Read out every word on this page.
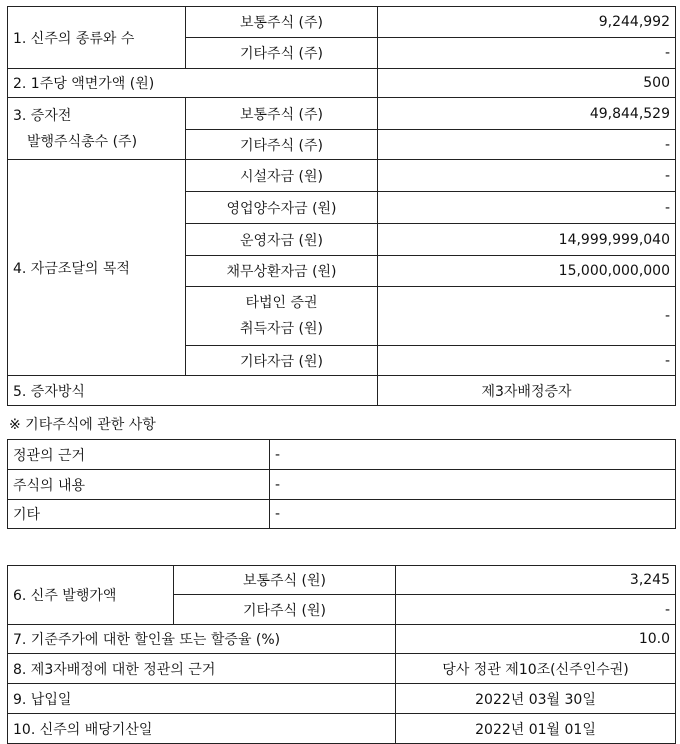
1. 신주의 종류와 수	보통주식 (주)	9,244,992
	기타주식 (주)	-
2. 1주당 액면가액 (원)		500

3. 증자전
발행주식총수 (주)	보통주식 (주)	49,844,529
	기타주식 (주)	-
4. 자금조달의 목적	시설자금 (원)	-
	영업양수자금 (원)	-
	운영자금 (원)	14,999,999,040
	채무상환자금 (원)	15,000,000,000

	타법인 증권
취득자금 (원)	-
	기타자금 (원)	-
5. 증자방식		제3자배정증자
※ 기타주식에 관한 사항
정관의 근거	-
주식의 내용	-
기타	-
6. 신주 발행가액	보통주식 (원)	3,245
	기타주식 (원)	-
7. 기준주가에 대한 할인율 또는 할증율 (%)		10.0
8. 제3자배정에 대한 정관의 근거		당사 정관 제10조(신주인수권)
9. 납입일		2022년 03월 30일
10. 신주의 배당기산일		2022년 01월 01일
